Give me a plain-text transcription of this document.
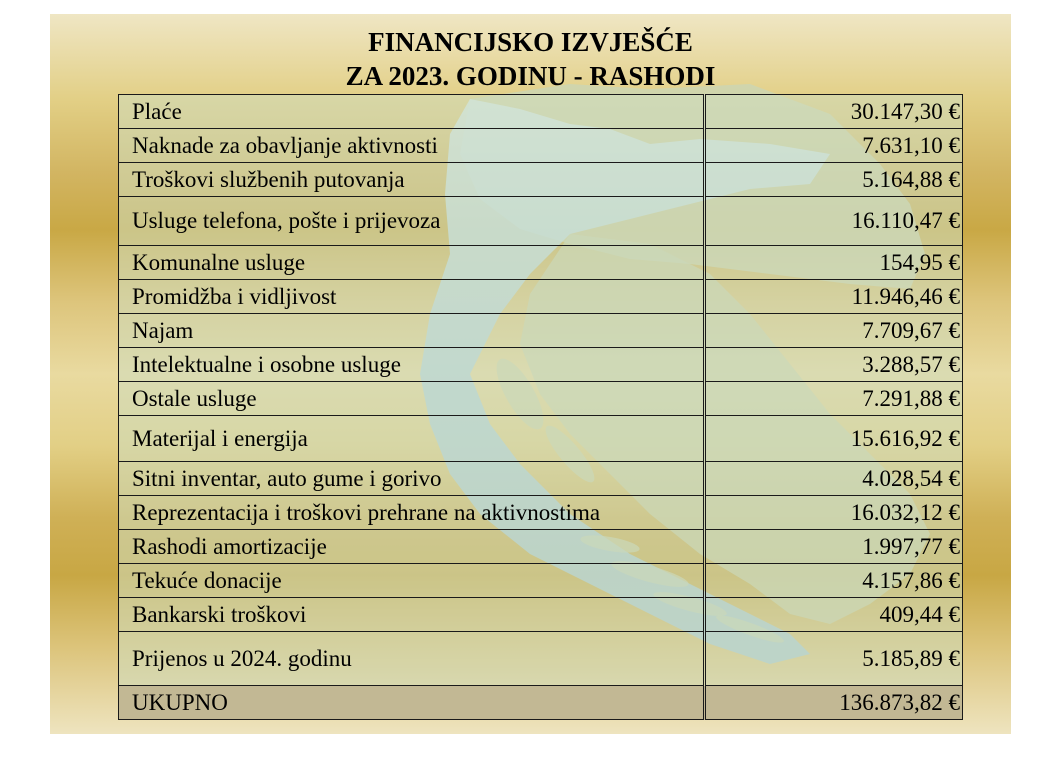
FINANCIJSKO IZVJEŠĆE
ZA 2023. GODINU - RASHODI
Plaće	30.147,30 €
Naknade za obavljanje aktivnosti	7.631,10 €
Troškovi službenih putovanja	5.164,88 €
Usluge telefona, pošte i prijevoza	16.110,47 €
Komunalne usluge	154,95 €
Promidžba i vidljivost	11.946,46 €
Najam	7.709,67 €
Intelektualne i osobne usluge	3.288,57 €
Ostale usluge	7.291,88 €
Materijal i energija	15.616,92 €
Sitni inventar, auto gume i gorivo	4.028,54 €
Reprezentacija i troškovi prehrane na aktivnostima	16.032,12 €
Rashodi amortizacije	1.997,77 €
Tekuće donacije	4.157,86 €
Bankarski troškovi	409,44 €
Prijenos u 2024. godinu	5.185,89 €
UKUPNO	136.873,82 €
